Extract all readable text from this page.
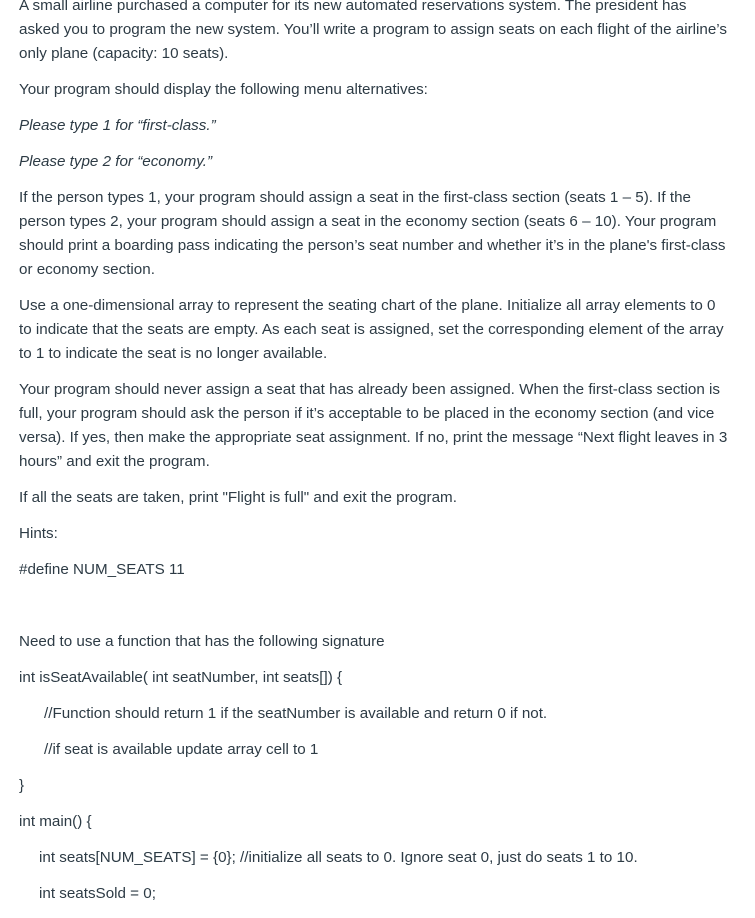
A small airline purchased a computer for its new automated reservations system. The president has asked you to program the new system. You’ll write a program to assign seats on each flight of the airline’s only plane (capacity: 10 seats).

Your program should display the following menu alternatives:

Please type 1 for “first-class.”

Please type 2 for “economy.”

If the person types 1, your program should assign a seat in the first-class section (seats 1 – 5). If the person types 2, your program should assign a seat in the economy section (seats 6 – 10). Your program should print a boarding pass indicating the person’s seat number and whether it’s in the plane's first-class or economy section.

Use a one-dimensional array to represent the seating chart of the plane. Initialize all array elements to 0 to indicate that the seats are empty. As each seat is assigned, set the corresponding element of the array to 1 to indicate the seat is no longer available.

Your program should never assign a seat that has already been assigned. When the first-class section is full, your program should ask the person if it’s acceptable to be placed in the economy section (and vice versa). If yes, then make the appropriate seat assignment. If no, print the message “Next flight leaves in 3 hours” and exit the program.

If all the seats are taken, print "Flight is full" and exit the program.

Hints:

#define NUM_SEATS 11

Need to use a function that has the following signature

int isSeatAvailable( int seatNumber, int seats[]) {

//Function should return 1 if the seatNumber is available and return 0 if not.

//if seat is available update array cell to 1

}

int main() {

int seats[NUM_SEATS] = {0}; //initialize all seats to 0. Ignore seat 0, just do seats 1 to 10.

int seatsSold = 0;
